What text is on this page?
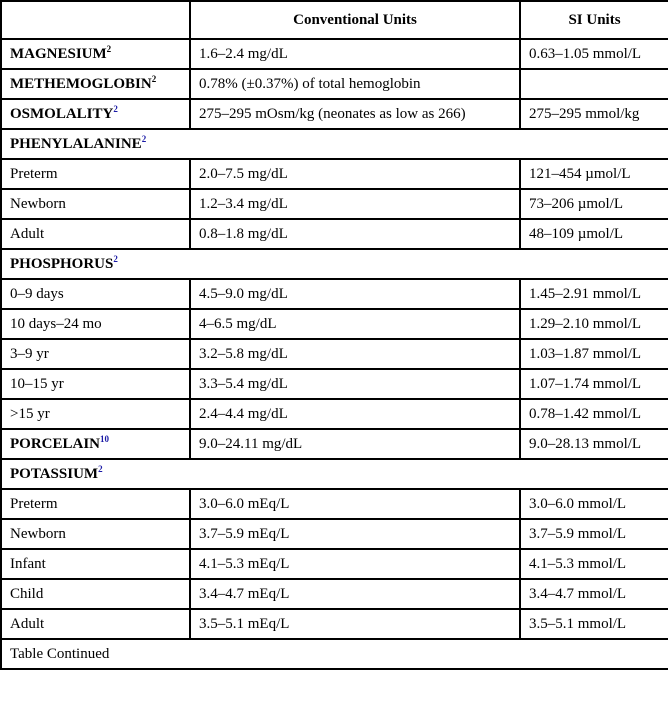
	Conventional Units	SI Units
MAGNESIUM$^2$	1.6–2.4 mg/dL	0.63–1.05 mmol/L
METHEMOGLOBIN$^2$	0.78% (±0.37%) of total hemoglobin	
OSMOLALITY$^2$	275–295 mOsm/kg (neonates as low as 266)	275–295 mmol/kg
PHENYLALANINE$^2$
Preterm	2.0–7.5 mg/dL	121–454 µmol/L
Newborn	1.2–3.4 mg/dL	73–206 µmol/L
Adult	0.8–1.8 mg/dL	48–109 µmol/L
PHOSPHORUS$^2$
0–9 days	4.5–9.0 mg/dL	1.45–2.91 mmol/L
10 days–24 mo	4–6.5 mg/dL	1.29–2.10 mmol/L
3–9 yr	3.2–5.8 mg/dL	1.03–1.87 mmol/L
10–15 yr	3.3–5.4 mg/dL	1.07–1.74 mmol/L
>15 yr	2.4–4.4 mg/dL	0.78–1.42 mmol/L
PORCELAIN$^{10}$	9.0–24.11 mg/dL	9.0–28.13 mmol/L
POTASSIUM$^2$
Preterm	3.0–6.0 mEq/L	3.0–6.0 mmol/L
Newborn	3.7–5.9 mEq/L	3.7–5.9 mmol/L
Infant	4.1–5.3 mEq/L	4.1–5.3 mmol/L
Child	3.4–4.7 mEq/L	3.4–4.7 mmol/L
Adult	3.5–5.1 mEq/L	3.5–5.1 mmol/L
Table Continued		
